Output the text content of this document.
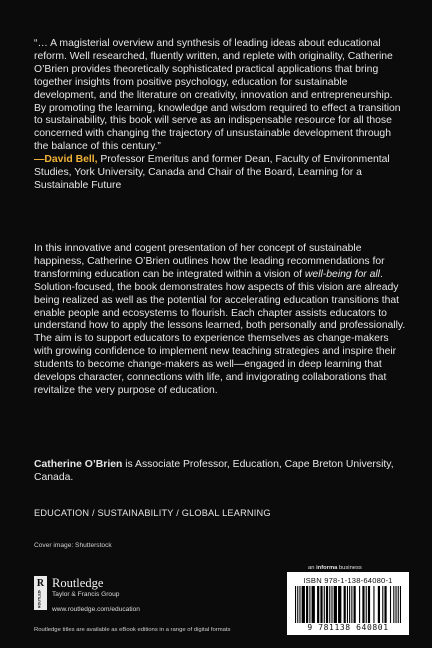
“… A magisterial overview and synthesis of leading ideas about educational reform. Well researched, fluently written, and replete with originality, Catherine O’Brien provides theoretically sophisticated practical applications that bring together insights from positive psychology, education for sustainable development, and the literature on creativity, innovation and entrepreneurship. By promoting the learning, knowledge and wisdom required to effect a transition to sustainability, this book will serve as an indispensable resource for all those concerned with changing the trajectory of unsustainable development through the balance of this century.”

—David Bell, Professor Emeritus and former Dean, Faculty of Environmental Studies, York University, Canada and Chair of the Board, Learning for a Sustainable Future

In this innovative and cogent presentation of her concept of sustainable happiness, Catherine O’Brien outlines how the leading recommendations for transforming education can be integrated within a vision of well-being for all. Solution-focused, the book demonstrates how aspects of this vision are already being realized as well as the potential for accelerating education transitions that enable people and ecosystems to flourish. Each chapter assists educators to understand how to apply the lessons learned, both personally and professionally. The aim is to support educators to experience themselves as change-makers with growing confidence to implement new teaching strategies and inspire their students to become change-makers as well—engaged in deep learning that develops character, connections with life, and invigorating collaborations that revitalize the very purpose of education.

Catherine O’Brien is Associate Professor, Education, Cape Breton University, Canada.
EDUCATION / SUSTAINABILITY / GLOBAL LEARNING
Cover image: Shutterstock
R
ROUTLEDGE
Routledge
Taylor & Francis Group
www.routledge.com/education
an informa business
ISBN 978-1-138-64080-1
9 781138 640801
Routledge titles are available as eBook editions in a range of digital formats
